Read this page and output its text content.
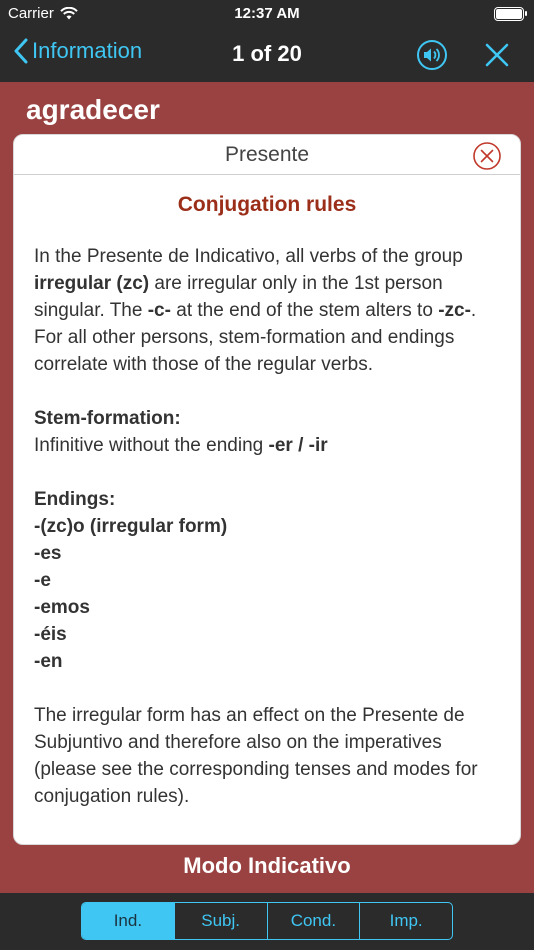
Carrier	12:37 AM
Information	1 of 20
agradecer
Presente
Conjugation rules

In the Presente de Indicativo, all verbs of the group irregular (zc) are irregular only in the 1st person singular. The -c- at the end of the stem alters to -zc-. For all other persons, stem-formation and endings correlate with those of the regular verbs.

Stem-formation:
Infinitive without the ending -er / -ir

Endings:
-(zc)o (irregular form)
-es
-e
-emos
-éis
-en

The irregular form has an effect on the Presente de Subjuntivo and therefore also on the imperatives (please see the corresponding tenses and modes for conjugation rules).

Modo Indicativo
Ind.	Subj.	Cond.	Imp.
